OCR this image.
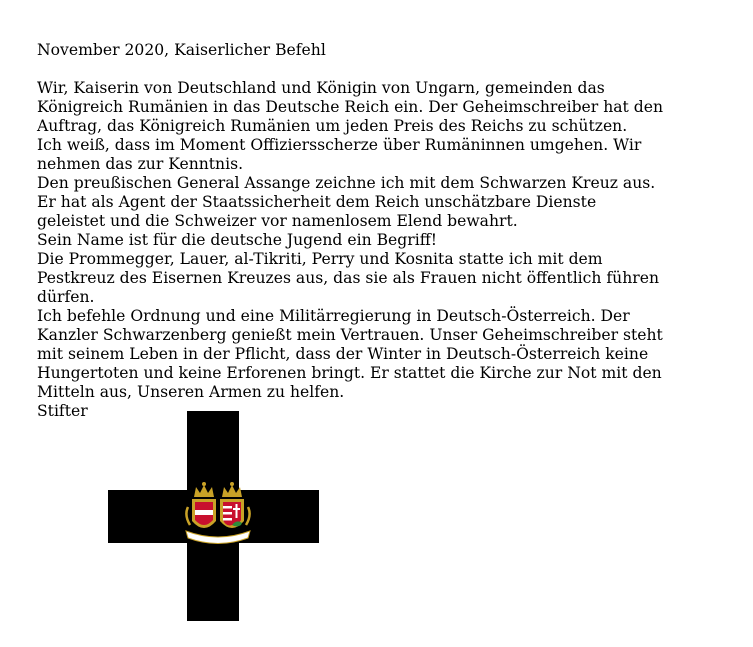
November 2020, Kaiserlicher Befehl

Wir, Kaiserin von Deutschland und Königin von Ungarn, gemeinden das

Königreich Rumänien in das Deutsche Reich ein. Der Geheimschreiber hat den

Auftrag, das Königreich Rumänien um jeden Preis des Reichs zu schützen.

Ich weiß, dass im Moment Offiziersscherze über Rumäninnen umgehen. Wir

nehmen das zur Kenntnis.

Den preußischen General Assange zeichne ich mit dem Schwarzen Kreuz aus.

Er hat als Agent der Staatssicherheit dem Reich unschätzbare Dienste

geleistet und die Schweizer vor namenlosem Elend bewahrt.

Sein Name ist für die deutsche Jugend ein Begriff!

Die Prommegger, Lauer, al-Tikriti, Perry und Kosnita statte ich mit dem

Pestkreuz des Eisernen Kreuzes aus, das sie als Frauen nicht öffentlich führen

dürfen.

Ich befehle Ordnung und eine Militärregierung in Deutsch-Österreich. Der

Kanzler Schwarzenberg genießt mein Vertrauen. Unser Geheimschreiber steht

mit seinem Leben in der Pflicht, dass der Winter in Deutsch-Österreich keine

Hungertoten und keine Erforenen bringt. Er stattet die Kirche zur Not mit den

Mitteln aus, Unseren Armen zu helfen.

Stifter
